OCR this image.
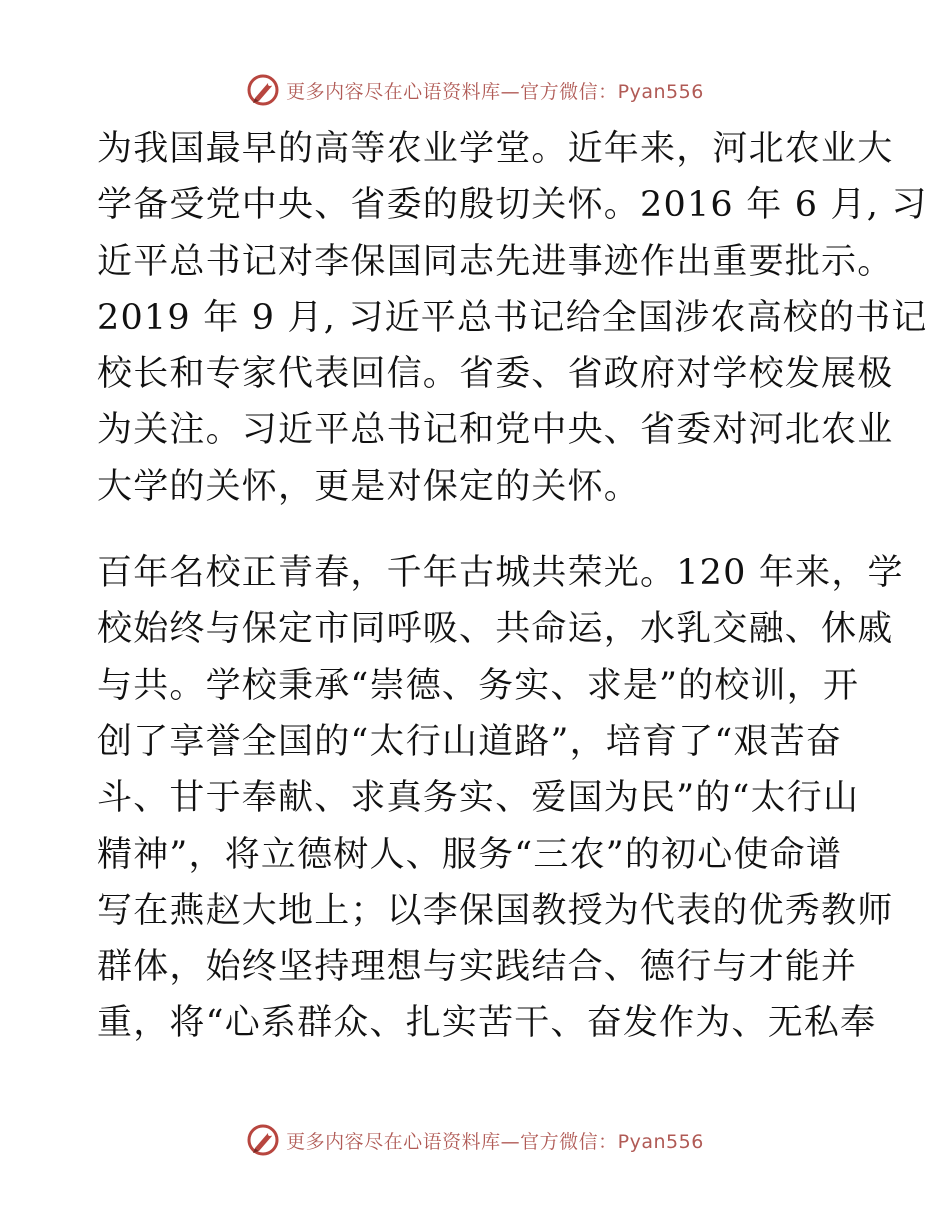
更多内容尽在心语资料库—官方微信：Pyan556
为我国最早的高等农业学堂。近年来，河北农业大
学备受党中央、省委的殷切关怀。2016 年 6 月, 习
近平总书记对李保国同志先进事迹作出重要批示。
2019 年 9 月, 习近平总书记给全国涉农高校的书记
校长和专家代表回信。省委、省政府对学校发展极
为关注。习近平总书记和党中央、省委对河北农业
大学的关怀，更是对保定的关怀。
百年名校正青春，千年古城共荣光。120 年来，学
校始终与保定市同呼吸、共命运，水乳交融、休戚
与共。学校秉承“崇德、务实、求是”的校训，开
创了享誉全国的“太行山道路”，培育了“艰苦奋
斗、甘于奉献、求真务实、爱国为民”的“太行山
精神”，将立德树人、服务“三农”的初心使命谱
写在燕赵大地上；以李保国教授为代表的优秀教师
群体，始终坚持理想与实践结合、德行与才能并
重，将“心系群众、扎实苦干、奋发作为、无私奉
更多内容尽在心语资料库—官方微信：Pyan556
